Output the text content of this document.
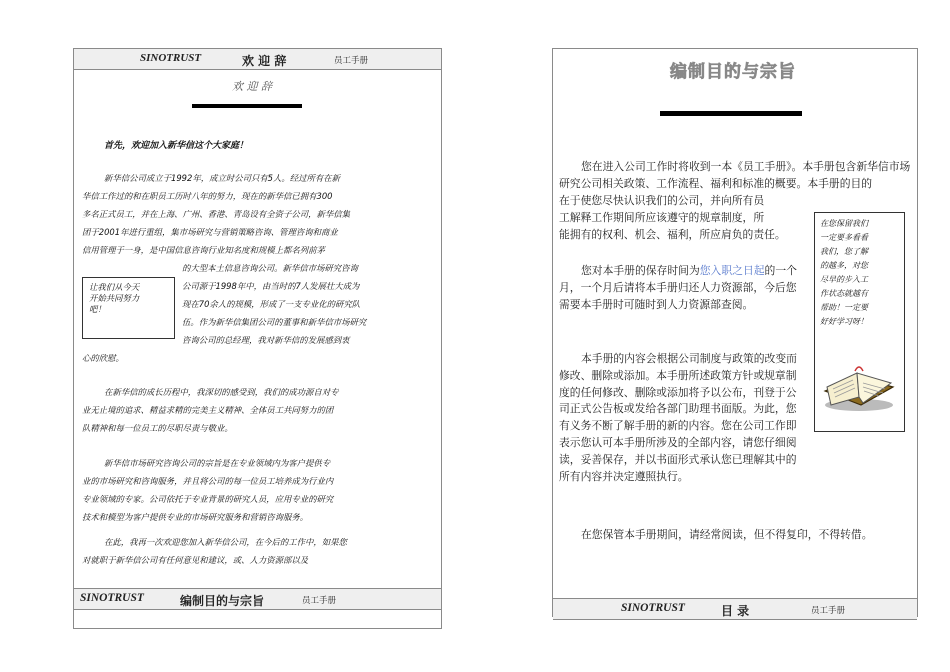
SINOTRUST	欢 迎 辞	员工手册
欢 迎 辞
首先，欢迎加入新华信这个大家庭！
新华信公司成立于1992年，成立时公司只有5人。经过所有在新
华信工作过的和在职员工历时八年的努力，现在的新华信已拥有300
多名正式员工，并在上海、广州、香港、青岛设有全资子公司，新华信集
团于2001年进行重组，集市场研究与营销策略咨询、管理咨询和商业
信用管理于一身，是中国信息咨询行业知名度和规模上都名列前茅
的大型本土信息咨询公司。新华信市场研究咨询
公司源于1998年中，由当时的7人发展壮大成为
现在70余人的规模，形成了一支专业化的研究队
伍。作为新华信集团公司的董事和新华信市场研究
咨询公司的总经理，我对新华信的发展感到衷
心的欣慰。
让我们从今天
开始共同努力
吧！
在新华信的成长历程中，我深切的感受到，我们的成功源自对专
业无止境的追求、精益求精的完美主义精神、全体员工共同努力的团
队精神和每一位员工的尽职尽责与敬业。
新华信市场研究咨询公司的宗旨是在专业领域内为客户提供专
业的市场研究和咨询服务，并且将公司的每一位员工培养成为行业内
专业领域的专家。公司依托于专业背景的研究人员，应用专业的研究
技术和模型为客户提供专业的市场研究服务和营销咨询服务。
在此，我再一次欢迎您加入新华信公司，在今后的工作中，如果您
对就职于新华信公司有任何意见和建议，或、人力资源部以及
SINOTRUST	编制目的与宗旨	员工手册
编制目的与宗旨

您在进入公司工作时将收到一本《员工手册》。本手册包含新华信市场研究公司相关政策、工作流程、福利和标准的概要。本手册的目的

在于使您尽快认识我们的公司，并向所有员
工解释工作期间所应该遵守的规章制度，所
能拥有的权利、机会、福利，所应肩负的责任。

您对本手册的保存时间为您入职之日起的一个月，一个月后请将本手册归还人力资源部，今后您需要本手册时可随时到人力资源部查阅。

本手册的内容会根据公司制度与政策的改变而修改、删除或添加。本手册所述政策方针或规章制度的任何修改、删除或添加将予以公布，刊登于公司正式公告板或发给各部门助理书面版。为此，您有义务不断了解手册的新的内容。您在公司工作即表示您认可本手册所涉及的全部内容，请您仔细阅读，妥善保存，并以书面形式承认您已理解其中的所有内容并决定遵照执行。

在您保管本手册期间，请经常阅读，但不得复印，不得转借。

在您保留我们
一定要多看看
我们，您了解
的越多，对您
尽早的步入工
作状态就越有
帮助！一定要
好好学习呀！
SINOTRUST	目 录	员工手册
